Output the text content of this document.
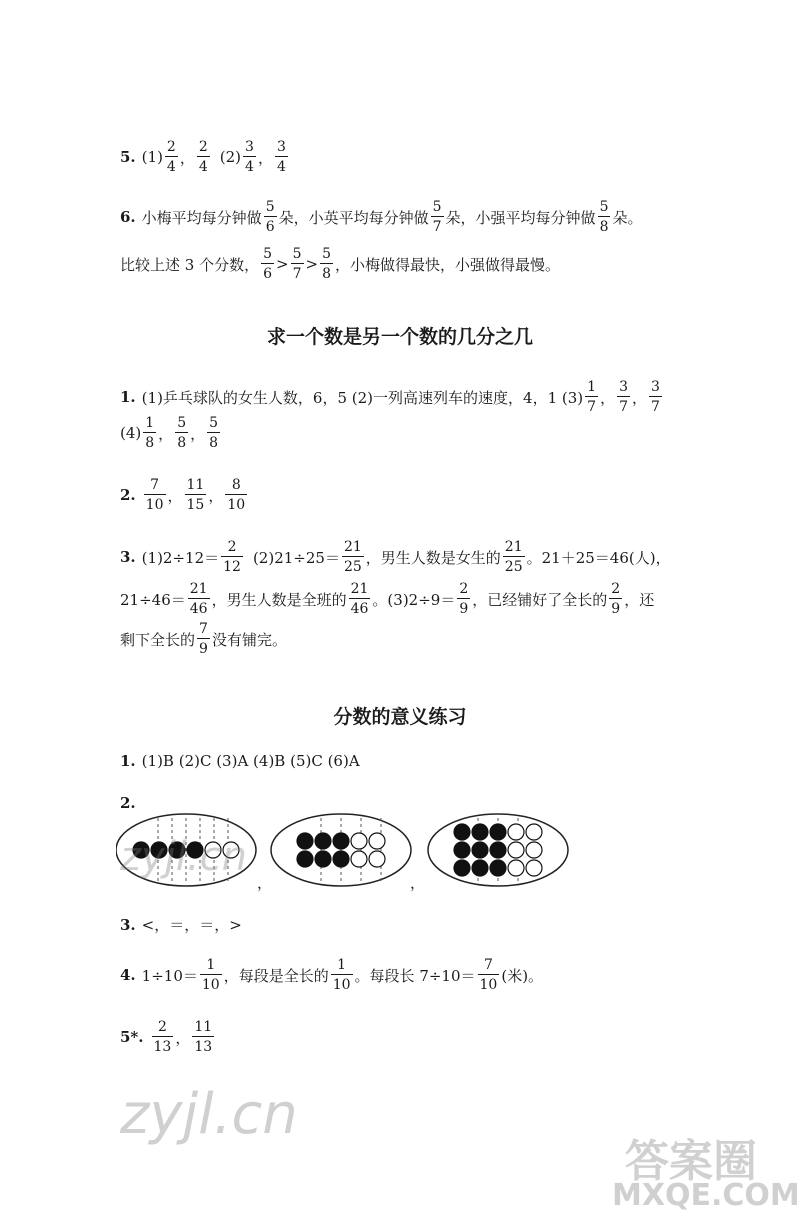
5. $(1) \frac{2}{4}$ ， $\frac{2}{4} (2) \frac{3}{4}$ ， $\frac{3}{4}$
6. 小梅平均每分钟做 $\frac{5}{6}$ 朵，小英平均每分钟做 $\frac{5}{7}$ 朵，小强平均每分钟做 $\frac{5}{8}$ 朵。
比较上述 3 个分数， $\frac{5}{6} > \frac{5}{7} > \frac{5}{8}$ ，小梅做得最快，小强做得最慢。
求一个数是另一个数的几分之几
1. (1)乒乓球队的女生人数，6，5 (2)一列高速列车的速度，4，1 $(3) \frac{1}{7}$ ， $\frac{3}{7}$ ， $\frac{3}{7}$
$(4) \frac{1}{8}$ ， $\frac{5}{8}$ ， $\frac{5}{8}$
2. $\frac{7}{10}$ ， $\frac{11}{15}$ ， $\frac{8}{10}$
3. $(1)2\div 12= \frac{2}{12} (2)21\div 25= \frac{21}{25}$ ，男生人数是女生的 $\frac{21}{25}$ 。21＋25＝46(人)，
$21\div 46= \frac{21}{46}$ ，男生人数是全班的 $\frac{21}{46}$ 。$(3)2\div 9= \frac{2}{9}$ ，已经铺好了全长的 $\frac{2}{9}$ ，还
剩下全长的 $\frac{7}{9}$ 没有铺完。
分数的意义练习
1. (1)B (2)C (3)A (4)B (5)C (6)A
2.
，	，
3. <，＝，＝，>
4. $1\div 10= \frac{1}{10}$ ，每段是全长的 $\frac{1}{10}$ 。每段长 $7\div 10= \frac{7}{10}$ (米)。
5*. $\frac{2}{13}$ ， $\frac{11}{13}$
zyjl.cn
zyjl.cn
答案圈
MXQE.COM
